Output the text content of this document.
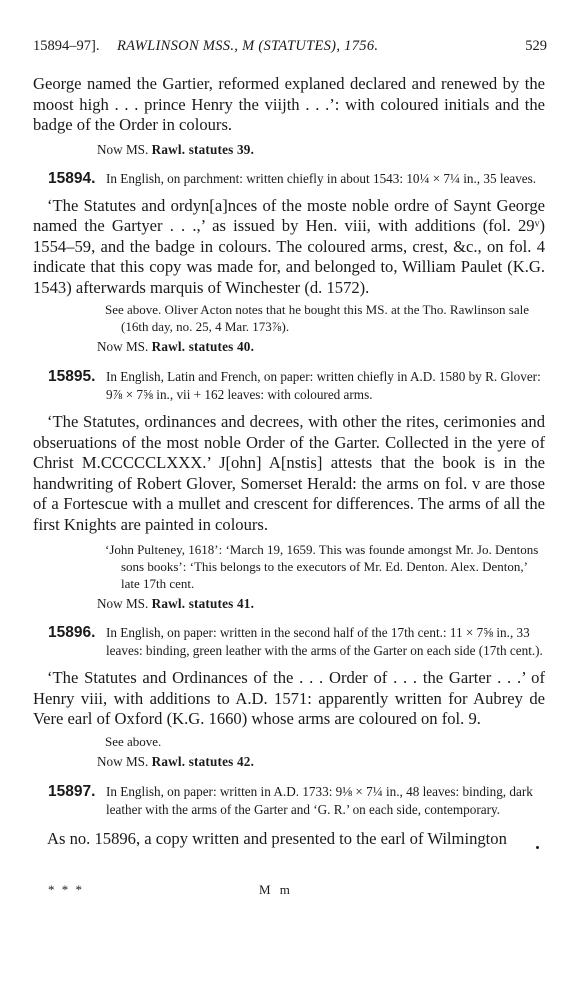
15894–97]. RAWLINSON MSS., M (STATUTES), 1756.	529

George named the Gartier, reformed explaned declared and renewed by the moost high . . . prince Henry the viijth . . .’: with coloured initials and the badge of the Order in colours.

Now MS. Rawl. statutes 39.

15894. In English, on parchment: written chiefly in about 1543: 10¼ × 7¼ in., 35 leaves.

‘The Statutes and ordyn[a]nces of the moste noble ordre of Saynt George named the Gartyer . . .,’ as issued by Hen. viii, with additions (fol. 29ᵛ) 1554–59, and the badge in colours. The coloured arms, crest, &c., on fol. 4 indicate that this copy was made for, and belonged to, William Paulet (K.G. 1543) afterwards marquis of Winchester (d. 1572).

See above. Oliver Acton notes that he bought this MS. at the Tho. Rawlinson sale (16th day, no. 25, 4 Mar. 173⅞).

Now MS. Rawl. statutes 40.

15895. In English, Latin and French, on paper: written chiefly in A.D. 1580 by R. Glover: 9⅞ × 7⅝ in., vii + 162 leaves: with coloured arms.

‘The Statutes, ordinances and decrees, with other the rites, cerimonies and obseruations of the most noble Order of the Garter. Collected in the yere of Christ M.CCCCCLXXX.’ J[ohn] A[nstis] attests that the book is in the handwriting of Robert Glover, Somerset Herald: the arms on fol. v are those of a Fortescue with a mullet and crescent for differences. The arms of all the first Knights are painted in colours.

‘John Pulteney, 1618’: ‘March 19, 1659. This was founde amongst Mr. Jo. Dentons sons books’: ‘This belongs to the executors of Mr. Ed. Denton. Alex. Denton,’ late 17th cent.

Now MS. Rawl. statutes 41.

15896. In English, on paper: written in the second half of the 17th cent.: 11 × 7⅝ in., 33 leaves: binding, green leather with the arms of the Garter on each side (17th cent.).

‘The Statutes and Ordinances of the . . . Order of . . . the Garter . . .’ of Henry viii, with additions to A.D. 1571: apparently written for Aubrey de Vere earl of Oxford (K.G. 1660) whose arms are coloured on fol. 9.

See above.

Now MS. Rawl. statutes 42.

15897. In English, on paper: written in A.D. 1733: 9⅛ × 7¼ in., 48 leaves: binding, dark leather with the arms of the Garter and ‘G. R.’ on each side, contemporary.

As no. 15896, a copy written and presented to the earl of Wilmington

* * *	M m
